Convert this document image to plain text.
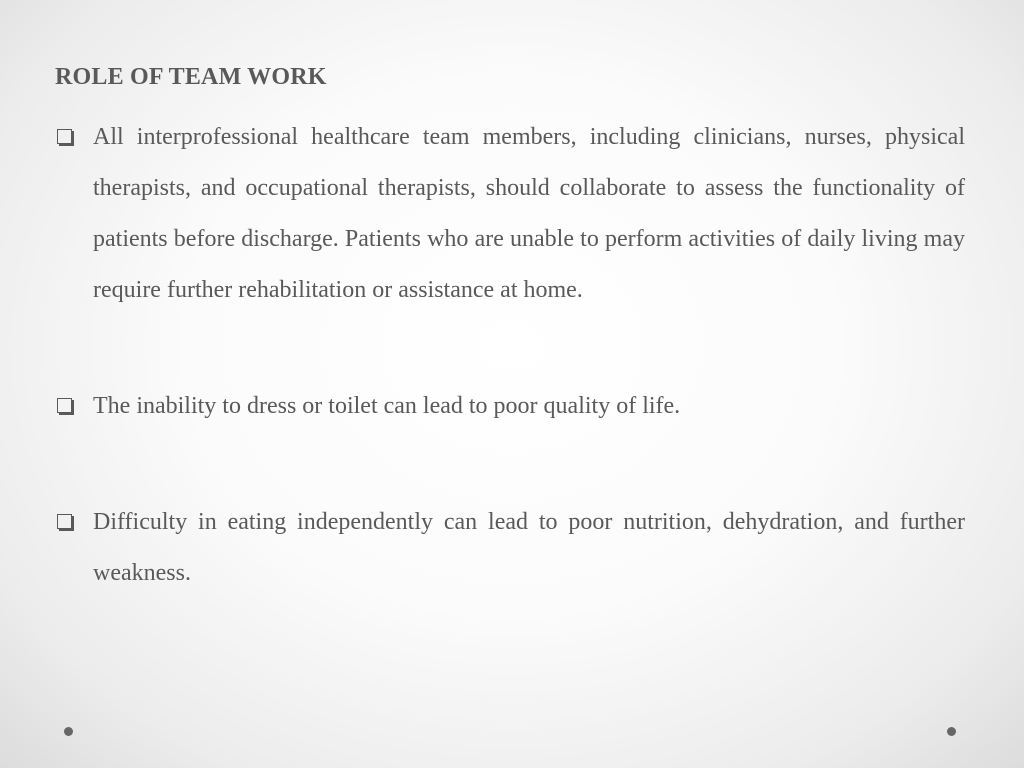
ROLE OF TEAM WORK
All interprofessional healthcare team members, including clinicians, nurses, physical therapists, and occupational therapists, should collaborate to assess the functionality of patients before discharge. Patients who are unable to perform activities of daily living may require further rehabilitation or assistance at home.
The inability to dress or toilet can lead to poor quality of life.
Difficulty in eating independently can lead to poor nutrition, dehydration, and further weakness.
